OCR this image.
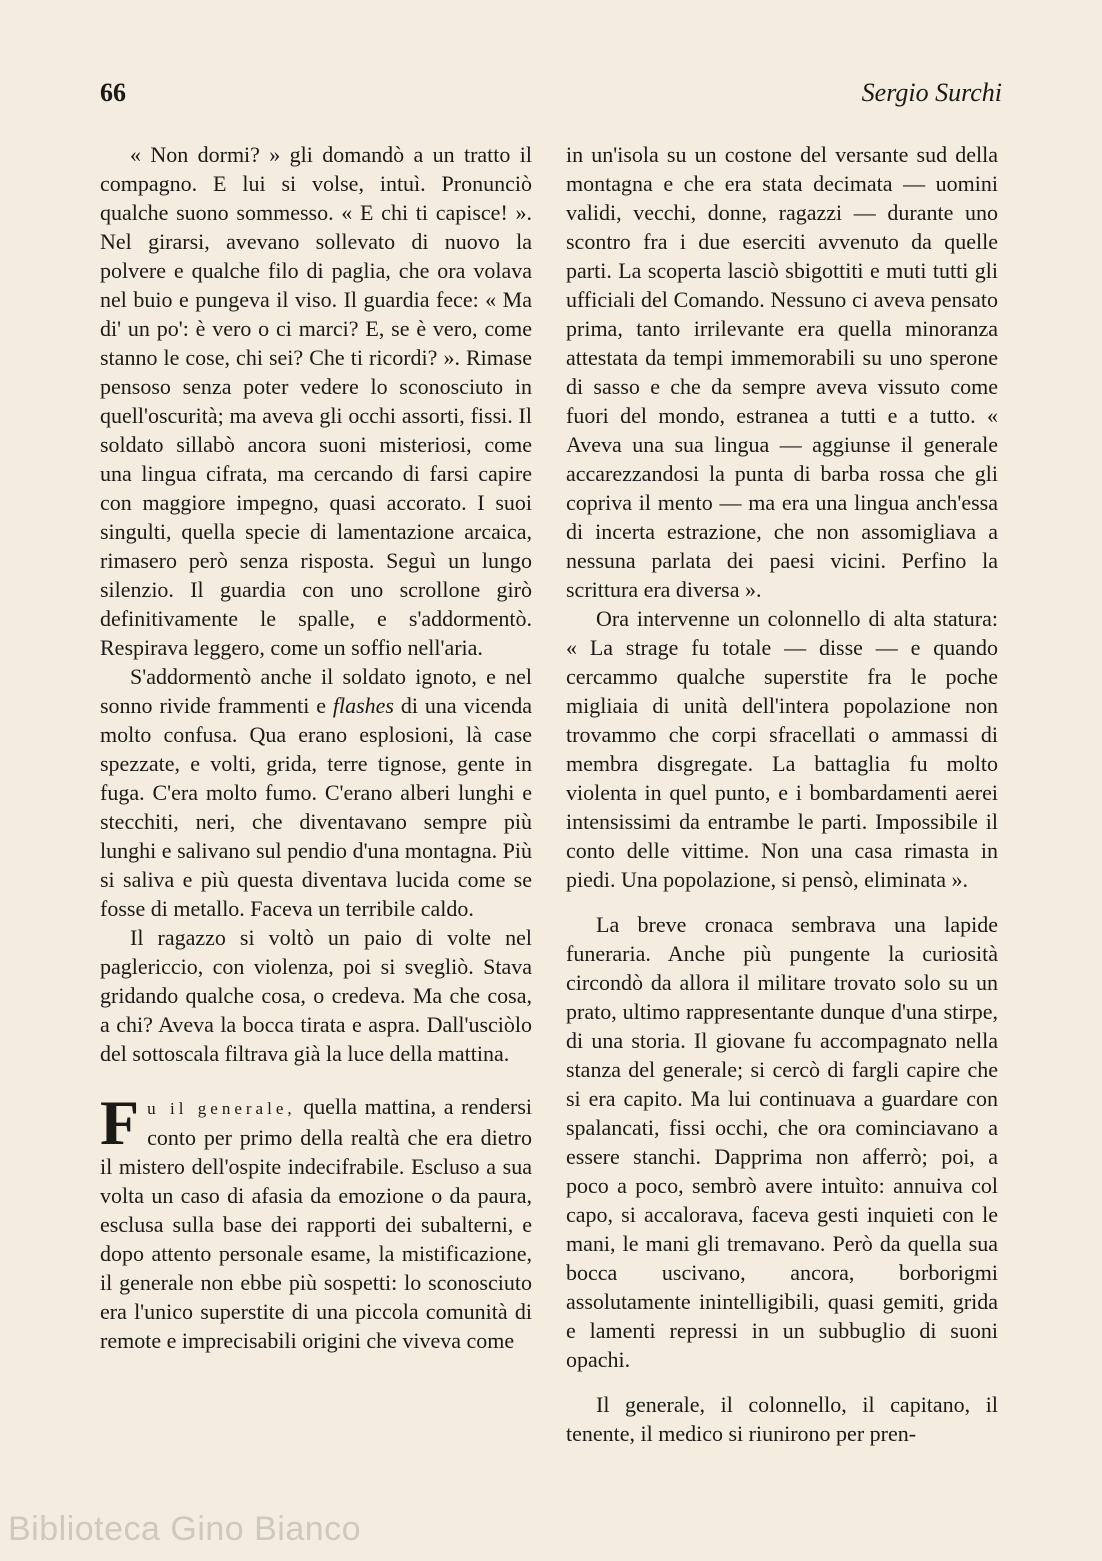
66	Sergio Surchi

« Non dormi? » gli domandò a un tratto il compagno. E lui si volse, intuì. Pronunciò qualche suono sommesso. « E chi ti capisce! ». Nel girarsi, avevano sollevato di nuovo la polvere e qualche filo di paglia, che ora volava nel buio e pungeva il viso. Il guardia fece: « Ma di' un po': è vero o ci marci? E, se è vero, come stanno le cose, chi sei? Che ti ricordi? ». Rimase pensoso senza poter vedere lo sconosciuto in quell'oscurità; ma aveva gli occhi assorti, fissi. Il soldato sillabò ancora suoni misteriosi, come una lingua cifrata, ma cercando di farsi capire con maggiore impegno, quasi accorato. I suoi singulti, quella specie di lamentazione arcaica, rimasero però senza risposta. Seguì un lungo silenzio. Il guardia con uno scrollone girò definitivamente le spalle, e s'addormentò. Respirava leggero, come un soffio nell'aria.

S'addormentò anche il soldato ignoto, e nel sonno rivide frammenti e flashes di una vicenda molto confusa. Qua erano esplosioni, là case spezzate, e volti, grida, terre tignose, gente in fuga. C'era molto fumo. C'erano alberi lunghi e stecchiti, neri, che diventavano sempre più lunghi e salivano sul pendio d'una montagna. Più si saliva e più questa diventava lucida come se fosse di metallo. Faceva un terribile caldo.

Il ragazzo si voltò un paio di volte nel paglericcio, con violenza, poi si svegliò. Stava gridando qualche cosa, o credeva. Ma che cosa, a chi? Aveva la bocca tirata e aspra. Dall'usciòlo del sottoscala filtrava già la luce della mattina.

Fu il generale, quella mattina, a rendersi conto per primo della realtà che era dietro il mistero dell'ospite indecifrabile. Escluso a sua volta un caso di afasia da emozione o da paura, esclusa sulla base dei rapporti dei subalterni, e dopo attento personale esame, la mistificazione, il generale non ebbe più sospetti: lo sconosciuto era l'unico superstite di una piccola comunità di remote e imprecisabili origini che viveva come

in un'isola su un costone del versante sud della montagna e che era stata decimata — uomini validi, vecchi, donne, ragazzi — durante uno scontro fra i due eserciti avvenuto da quelle parti. La scoperta lasciò sbigottiti e muti tutti gli ufficiali del Comando. Nessuno ci aveva pensato prima, tanto irrilevante era quella minoranza attestata da tempi immemorabili su uno sperone di sasso e che da sempre aveva vissuto come fuori del mondo, estranea a tutti e a tutto. « Aveva una sua lingua — aggiunse il generale accarezzandosi la punta di barba rossa che gli copriva il mento — ma era una lingua anch'essa di incerta estrazione, che non assomigliava a nessuna parlata dei paesi vicini. Perfino la scrittura era diversa ».

Ora intervenne un colonnello di alta statura: « La strage fu totale — disse — e quando cercammo qualche superstite fra le poche migliaia di unità dell'intera popolazione non trovammo che corpi sfracellati o ammassi di membra disgregate. La battaglia fu molto violenta in quel punto, e i bombardamenti aerei intensissimi da entrambe le parti. Impossibile il conto delle vittime. Non una casa rimasta in piedi. Una popolazione, si pensò, eliminata ».

La breve cronaca sembrava una lapide funeraria. Anche più pungente la curiosità circondò da allora il militare trovato solo su un prato, ultimo rappresentante dunque d'una stirpe, di una storia. Il giovane fu accompagnato nella stanza del generale; si cercò di fargli capire che si era capito. Ma lui continuava a guardare con spalancati, fissi occhi, che ora cominciavano a essere stanchi. Dapprima non afferrò; poi, a poco a poco, sembrò avere intuìto: annuiva col capo, si accalorava, faceva gesti inquieti con le mani, le mani gli tremavano. Però da quella sua bocca uscivano, ancora, borborigmi assolutamente inintelligibili, quasi gemiti, grida e lamenti repressi in un subbuglio di suoni opachi.

Il generale, il colonnello, il capitano, il tenente, il medico si riunirono per pren-

Biblioteca Gino Bianco
